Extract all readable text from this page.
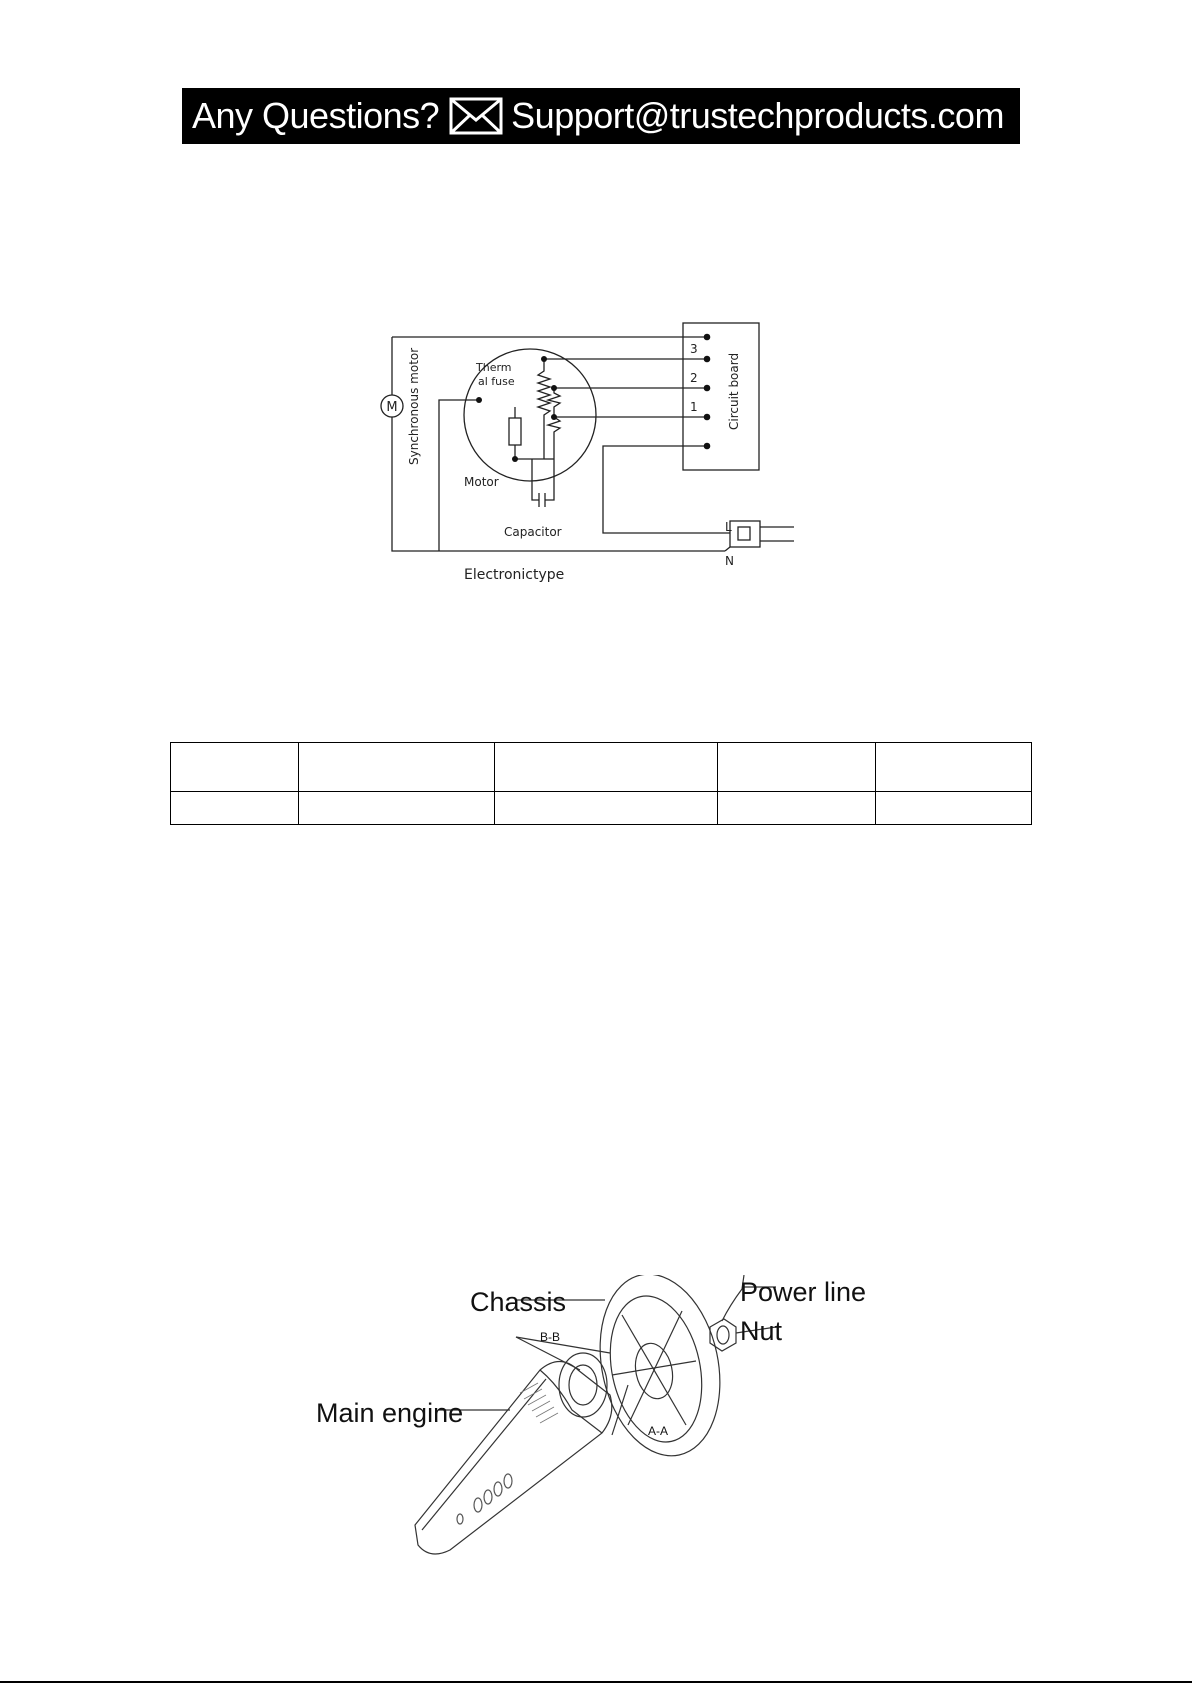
Any Questions? Support@trustechproducts.com
M Synchronous motor	Therm
al fuse
Motor
Capacitor
3
2
1 Circuit board
L
N
Electronictype

Chassis	Power line
Nut
Main engine
B-B
A-A
